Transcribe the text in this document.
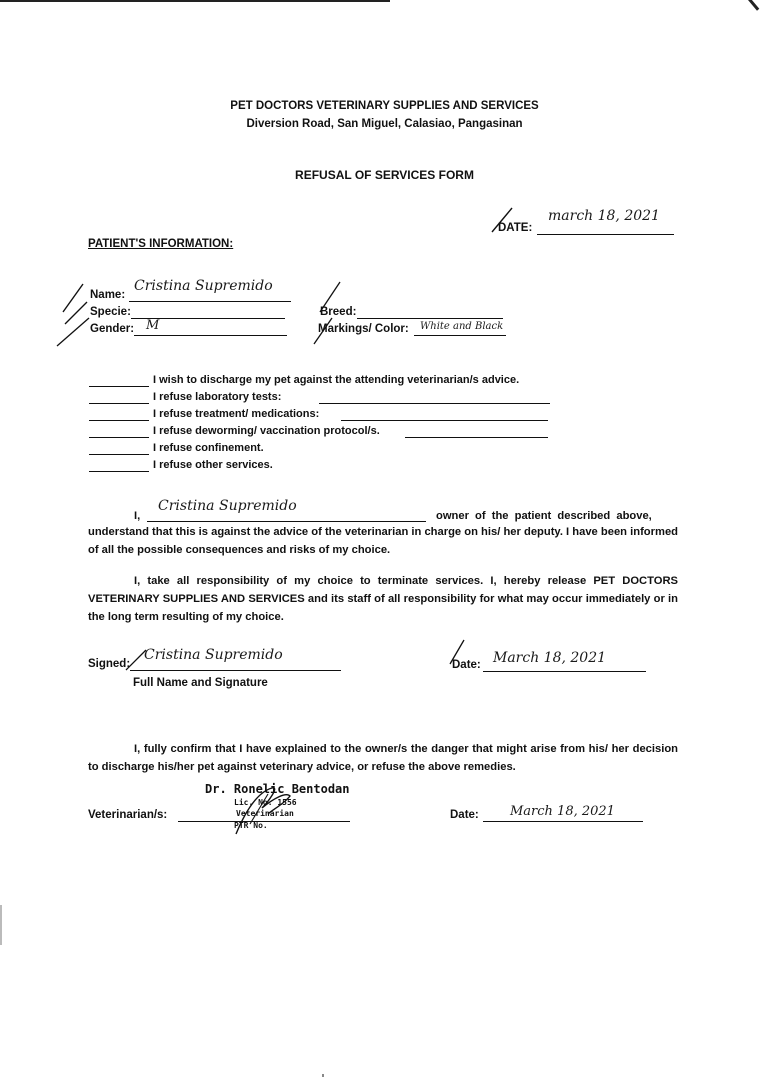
PET DOCTORS VETERINARY SUPPLIES AND SERVICES
Diversion Road, San Miguel, Calasiao, Pangasinan
REFUSAL OF SERVICES FORM
DATE:
march 18, 2021
PATIENT'S INFORMATION:
Name:
Cristina Supremido
Specie:
Gender: M
Breed:
Markings/ Color: White and Black
I wish to discharge my pet against the attending veterinarian/s advice.
I refuse laboratory tests:
I refuse treatment/ medications:
I refuse deworming/ vaccination protocol/s.
I refuse confinement.
I refuse other services.
I,
Cristina Supremido
owner of the patient described above,
understand that this is against the advice of the veterinarian in charge on his/ her deputy. I have been informed of all the possible consequences and risks of my choice.
I, take all responsibility of my choice to terminate services. I, hereby release PET DOCTORS VETERINARY SUPPLIES AND SERVICES and its staff of all responsibility for what may occur immediately or in the long term resulting of my choice.
Signed:
Cristina Supremido
Full Name and Signature
Date: March 18, 2021
I, fully confirm that I have explained to the owner/s the danger that might arise from his/ her decision to discharge his/her pet against veterinary advice, or refuse the above remedies.
Veterinarian/s:
Dr. Ronelic Bentodan
Lic. No. 1556
Veterinarian
PTR No.
Date: March 18, 2021
